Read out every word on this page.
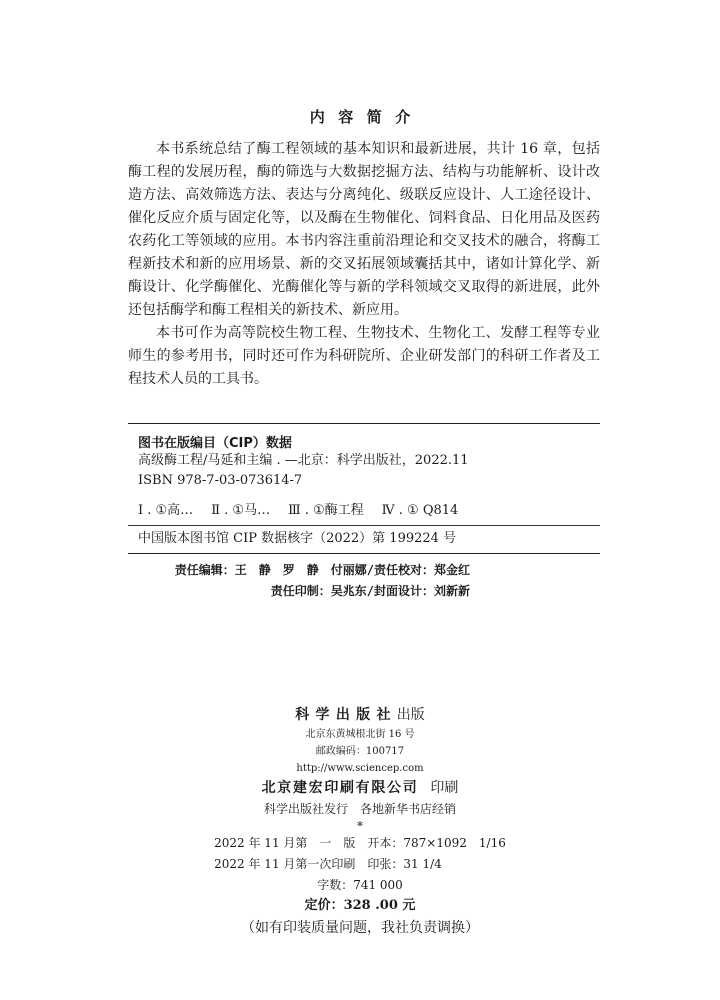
内容简介

本书系统总结了酶工程领域的基本知识和最新进展，共计 16 章，包括酶工程的发展历程，酶的筛选与大数据挖掘方法、结构与功能解析、设计改造方法、高效筛选方法、表达与分离纯化、级联反应设计、人工途径设计、催化反应介质与固定化等，以及酶在生物催化、饲料食品、日化用品及医药农药化工等领域的应用。本书内容注重前沿理论和交叉技术的融合，将酶工程新技术和新的应用场景、新的交叉拓展领域囊括其中，诸如计算化学、新酶设计、化学酶催化、光酶催化等与新的学科领域交叉取得的新进展，此外还包括酶学和酶工程相关的新技术、新应用。

本书可作为高等院校生物工程、生物技术、生物化工、发酵工程等专业师生的参考用书，同时还可作为科研院所、企业研发部门的科研工作者及工程技术人员的工具书。

图书在版编目（CIP）数据
高级酶工程/马延和主编 . —北京：科学出版社，2022.11
ISBN 978-7-03-073614-7
Ⅰ . ①高… Ⅱ . ①马… Ⅲ . ①酶工程 Ⅳ . ① Q814
中国版本图书馆 CIP 数据核字（2022）第 199224 号
责任编辑：王　静　罗　静　付丽娜/责任校对：郑金红
责任印制：吴兆东/封面设计：刘新新
科学出版社出版
北京东黄城根北街 16 号
邮政编码：100717
http://www.sciencep.com
北京建宏印刷有限公司 印刷
科学出版社发行　各地新华书店经销
*
2022 年 11 月第　一　版　开本：787×1092　1/16
2022 年 11 月第一次印刷　印张：31 1/4
字数：741 000
定价：328 .00 元
（如有印装质量问题，我社负责调换）
